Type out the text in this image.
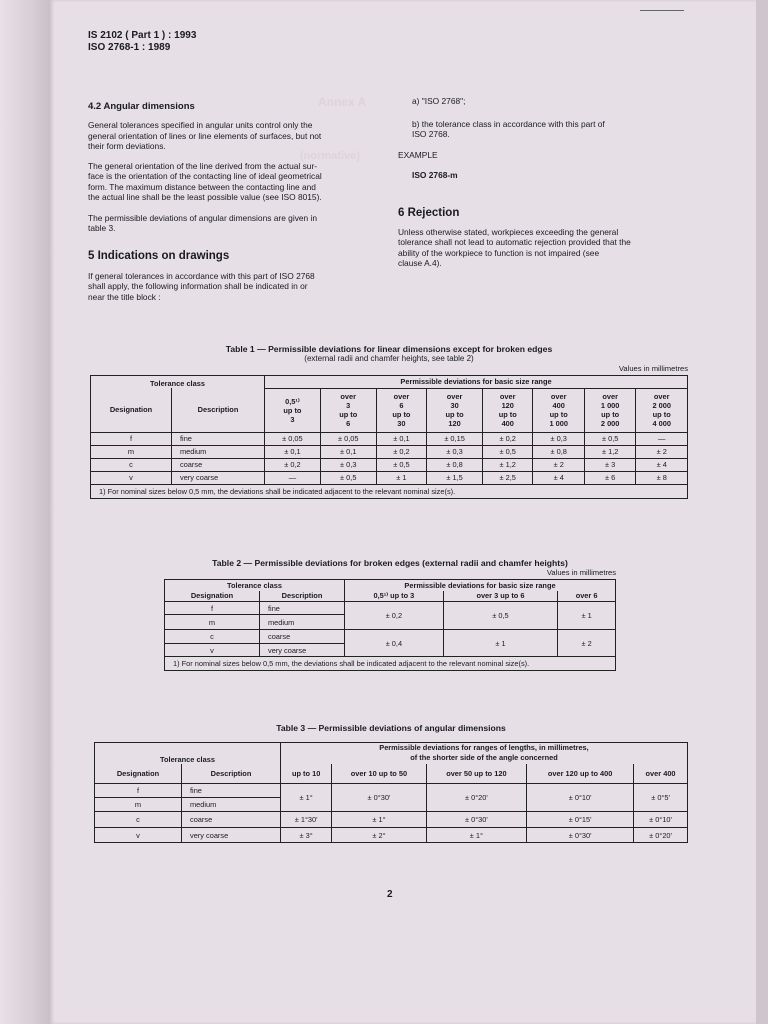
Annex A
(normative)
IS 2102 ( Part 1 ) : 1993
ISO 2768-1 : 1989
4.2 Angular dimensions
General tolerances specified in angular units control only the
general orientation of lines or line elements of surfaces, but not
their form deviations.
The general orientation of the line derived from the actual sur-
face is the orientation of the contacting line of ideal geometrical
form. The maximum distance between the contacting line and
the actual line shall be the least possible value (see ISO 8015).
The permissible deviations of angular dimensions are given in
table 3.
5 Indications on drawings
If general tolerances in accordance with this part of ISO 2768
shall apply, the following information shall be indicated in or
near the title block :
a) "ISO 2768";
b) the tolerance class in accordance with this part of
ISO 2768.
EXAMPLE
ISO 2768-m
6 Rejection
Unless otherwise stated, workpieces exceeding the general
tolerance shall not lead to automatic rejection provided that the
ability of the workpiece to function is not impaired (see
clause A.4).
Table 1 — Permissible deviations for linear dimensions except for broken edges
(external radii and chamfer heights, see table 2)
Values in millimetres
Tolerance class		Permissible deviations for basic size range							
Designation	Description	0,5¹⁾
up to
3	over
3
up to
6	over
6
up to
30	over
30
up to
120	over
120
up to
400	over
400
up to
1 000	over
1 000
up to
2 000	over
2 000
up to
4 000
f	fine	± 0,05	± 0,05	± 0,1	± 0,15	± 0,2	± 0,3	± 0,5	—
m	medium	± 0,1	± 0,1	± 0,2	± 0,3	± 0,5	± 0,8	± 1,2	± 2
c	coarse	± 0,2	± 0,3	± 0,5	± 0,8	± 1,2	± 2	± 3	± 4
v	very coarse	—	± 0,5	± 1	± 1,5	± 2,5	± 4	± 6	± 8
1) For nominal sizes below 0,5 mm, the deviations shall be indicated adjacent to the relevant nominal size(s).									
Table 2 — Permissible deviations for broken edges (external radii and chamfer heights)
Values in millimetres
Tolerance class		Permissible deviations for basic size range		
Designation	Description	0,5¹⁾ up to 3	over 3 up to 6	over 6
f	fine	± 0,2	± 0,5	± 1
m	medium			
c	coarse	± 0,4	± 1	± 2
v	very coarse			
1) For nominal sizes below 0,5 mm, the deviations shall be indicated adjacent to the relevant nominal size(s).				
Table 3 — Permissible deviations of angular dimensions
Tolerance class		Permissible deviations for ranges of lengths, in millimetres,
of the shorter side of the angle concerned				

Designation	Description	up to 10	over 10 up to 50	over 50 up to 120	over 120 up to 400	over 400
f	fine	± 1°	± 0°30'	± 0°20'	± 0°10'	± 0°5'
m	medium					
c	coarse	± 1°30'	± 1°	± 0°30'	± 0°15'	± 0°10'
v	very coarse	± 3°	± 2°	± 1°	± 0°30'	± 0°20'
2
